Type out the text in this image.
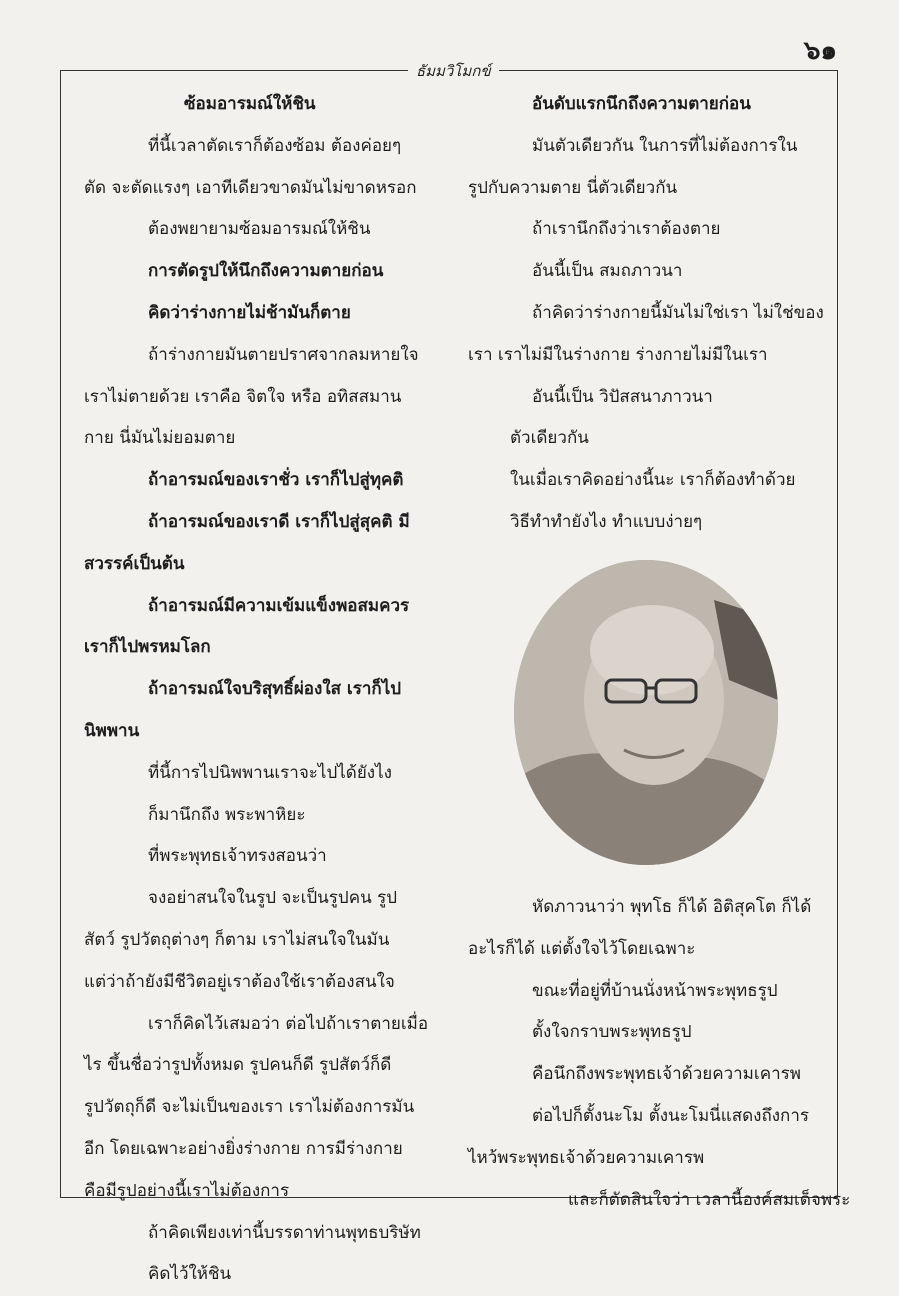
๖๑
ธัมมวิโมกข์

ซ้อมอารมณ์ให้ชิน

ที่นี้เวลาตัดเราก็ต้องซ้อม ต้องค่อยๆ

ตัด จะตัดแรงๆ เอาทีเดียวขาดมันไม่ขาดหรอก

ต้องพยายามซ้อมอารมณ์ให้ชิน

การตัดรูปให้นึกถึงความตายก่อน

คิดว่าร่างกายไม่ช้ามันก็ตาย

ถ้าร่างกายมันตายปราศจากลมหายใจ

เราไม่ตายด้วย เราคือ จิตใจ หรือ อทิสสมาน

กาย นี่มันไม่ยอมตาย

ถ้าอารมณ์ของเราชั่ว เราก็ไปสู่ทุคติ

ถ้าอารมณ์ของเราดี เราก็ไปสู่สุคติ มี

สวรรค์เป็นต้น

ถ้าอารมณ์มีความเข้มแข็งพอสมควร

เราก็ไปพรหมโลก

ถ้าอารมณ์ใจบริสุทธิ์ผ่องใส เราก็ไป

นิพพาน

ที่นี้การไปนิพพานเราจะไปได้ยังไง

ก็มานึกถึง พระพาหิยะ

ที่พระพุทธเจ้าทรงสอนว่า

จงอย่าสนใจในรูป จะเป็นรูปคน รูป

สัตว์ รูปวัตถุต่างๆ ก็ตาม เราไม่สนใจในมัน

แต่ว่าถ้ายังมีชีวิตอยู่เราต้องใช้เราต้องสนใจ

เราก็คิดไว้เสมอว่า ต่อไปถ้าเราตายเมื่อ

ไร ขึ้นชื่อว่ารูปทั้งหมด รูปคนก็ดี รูปสัตว์ก็ดี

รูปวัตถุก็ดี จะไม่เป็นของเรา เราไม่ต้องการมัน

อีก โดยเฉพาะอย่างยิ่งร่างกาย การมีร่างกาย

คือมีรูปอย่างนี้เราไม่ต้องการ

ถ้าคิดเพียงเท่านี้บรรดาท่านพุทธบริษัท

คิดไว้ให้ชิน

อันดับแรกนึกถึงความตายก่อน

มันตัวเดียวกัน ในการที่ไม่ต้องการใน

รูปกับความตาย นี่ตัวเดียวกัน

ถ้าเรานึกถึงว่าเราต้องตาย

อันนี้เป็น สมถภาวนา

ถ้าคิดว่าร่างกายนี้มันไม่ใช่เรา ไม่ใช่ของ

เรา เราไม่มีในร่างกาย ร่างกายไม่มีในเรา

อันนี้เป็น วิปัสสนาภาวนา

ตัวเดียวกัน

ในเมื่อเราคิดอย่างนี้นะ เราก็ต้องทำด้วย

วิธีทำทำยังไง ทำแบบง่ายๆ

หัดภาวนาว่า พุทโธ ก็ได้ อิติสุคโต ก็ได้

อะไรก็ได้ แต่ตั้งใจไว้โดยเฉพาะ

ขณะที่อยู่ที่บ้านนั่งหน้าพระพุทธรูป

ตั้งใจกราบพระพุทธรูป

คือนึกถึงพระพุทธเจ้าด้วยความเคารพ

ต่อไปก็ตั้งนะโม ตั้งนะโมนี่แสดงถึงการ

ไหว้พระพุทธเจ้าด้วยความเคารพ

และก็ตัดสินใจว่า เวลานี้องค์สมเด็จพระ
